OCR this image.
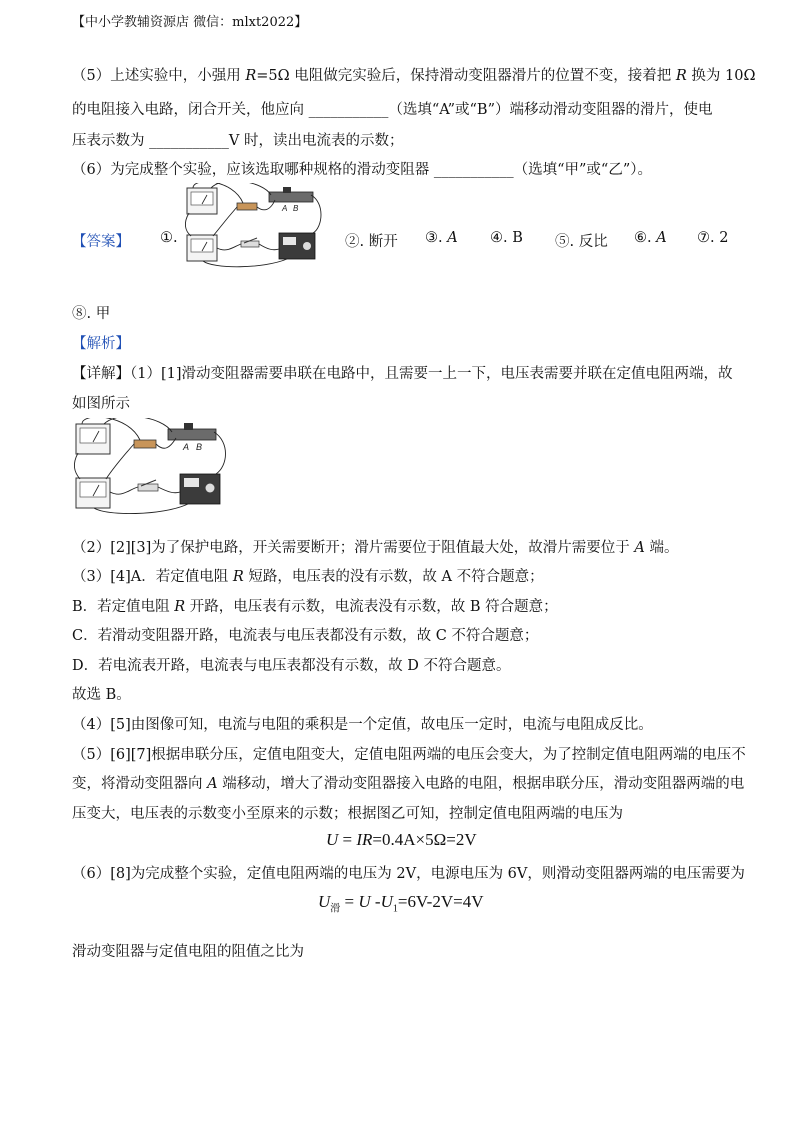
【中小学教辅资源店 微信：mlxt2022】
（5）上述实验中，小强用 R=5Ω 电阻做完实验后，保持滑动变阻器滑片的位置不变，接着把 R 换为 10Ω
的电阻接入电路，闭合开关，他应向 ___________（选填“A”或“B”）端移动滑动变阻器的滑片，使电
压表示数为 ___________V 时，读出电流表的示数；
（6）为完成整个实验，应该选取哪种规格的滑动变阻器 ___________（选填“甲”或“乙”）。
【答案】 ①.
A B
②. 断开 ③. A ④. B ⑤. 反比 ⑥. A ⑦. 2
⑧. 甲
【解析】
【详解】（1）[1]滑动变阻器需要串联在电路中，且需要一上一下，电压表需要并联在定值电阻两端，故
如图所示
A B
（2）[2][3]为了保护电路，开关需要断开；滑片需要位于阻值最大处，故滑片需要位于 A 端。
（3）[4]A．若定值电阻 R 短路，电压表的没有示数，故 A 不符合题意；
B．若定值电阻 R 开路，电压表有示数，电流表没有示数，故 B 符合题意；
C．若滑动变阻器开路，电流表与电压表都没有示数，故 C 不符合题意；
D．若电流表开路，电流表与电压表都没有示数，故 D 不符合题意。
故选 B。
（4）[5]由图像可知，电流与电阻的乘积是一个定值，故电压一定时，电流与电阻成反比。
（5）[6][7]根据串联分压，定值电阻变大，定值电阻两端的电压会变大，为了控制定值电阻两端的电压不
变，将滑动变阻器向 A 端移动，增大了滑动变阻器接入电路的电阻，根据串联分压，滑动变阻器两端的电
压变大，电压表的示数变小至原来的示数；根据图乙可知，控制定值电阻两端的电压为
U = IR=0.4A×5Ω=2V
（6）[8]为完成整个实验，定值电阻两端的电压为 2V，电源电压为 6V，则滑动变阻器两端的电压需要为
$U_滑 = U$ $-U_1=6V-2V=4V$
滑动变阻器与定值电阻的阻值之比为
